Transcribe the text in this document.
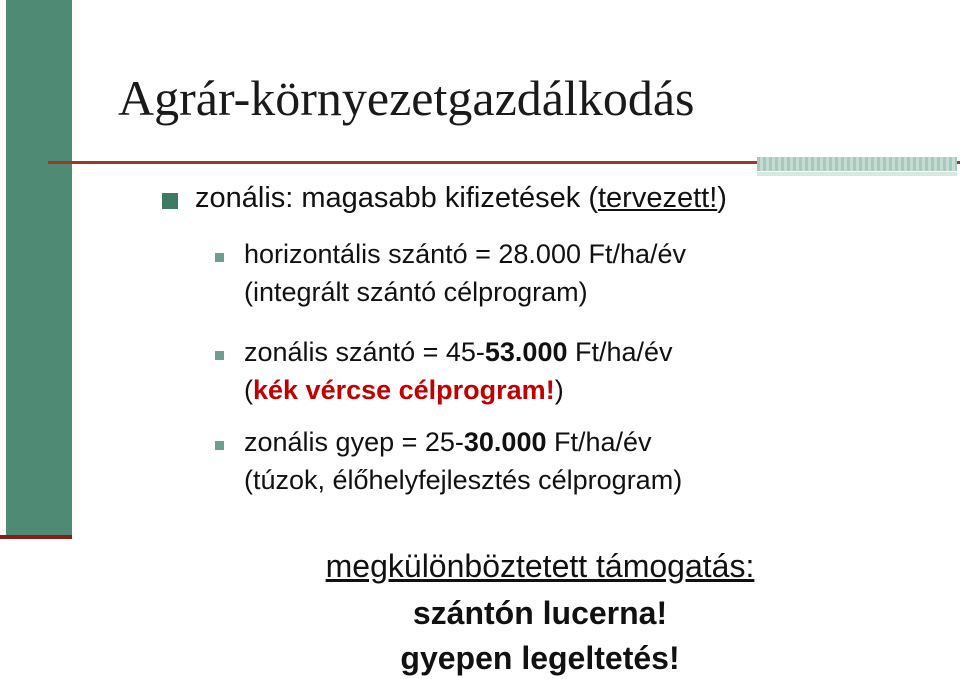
Agrár-környezetgazdálkodás
zonális: magasabb kifizetések (tervezett!)
horizontális szántó = 28.000 Ft/ha/év
(integrált szántó célprogram)
zonális szántó = 45-53.000 Ft/ha/év
(kék vércse célprogram!)
zonális gyep = 25-30.000 Ft/ha/év
(túzok, élőhelyfejlesztés célprogram)
megkülönböztetett támogatás:
szántón lucerna!
gyepen legeltetés!
